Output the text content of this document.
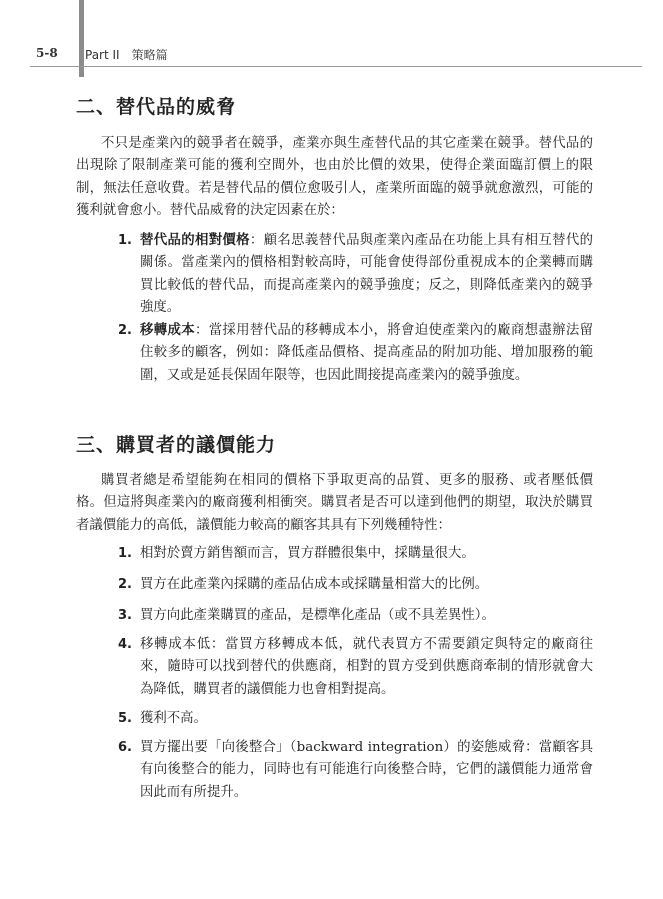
5-8 Part II　策略篇
二、替代品的威脅

不只是產業內的競爭者在競爭，產業亦與生產替代品的其它產業在競爭。替代品的出現除了限制產業可能的獲利空間外，也由於比價的效果，使得企業面臨訂價上的限制，無法任意收費。若是替代品的價位愈吸引人，產業所面臨的競爭就愈激烈，可能的獲利就會愈小。替代品威脅的決定因素在於：

1. 替代品的相對價格：顧名思義替代品與產業內產品在功能上具有相互替代的關係。當產業內的價格相對較高時，可能會使得部份重視成本的企業轉而購買比較低的替代品，而提高產業內的競爭強度；反之，則降低產業內的競爭強度。
2. 移轉成本：當採用替代品的移轉成本小，將會迫使產業內的廠商想盡辦法留住較多的顧客，例如：降低產品價格、提高產品的附加功能、增加服務的範圍，又或是延長保固年限等，也因此間接提高產業內的競爭強度。
三、購買者的議價能力

購買者總是希望能夠在相同的價格下爭取更高的品質、更多的服務、或者壓低價格。但這將與產業內的廠商獲利相衝突。購買者是否可以達到他們的期望，取決於購買者議價能力的高低，議價能力較高的顧客其具有下列幾種特性：

1. 相對於賣方銷售額而言，買方群體很集中，採購量很大。
2. 買方在此產業內採購的產品佔成本或採購量相當大的比例。
3. 買方向此產業購買的產品，是標準化產品（或不具差異性）。
4. 移轉成本低：當買方移轉成本低，就代表買方不需要鎖定與特定的廠商往來，隨時可以找到替代的供應商，相對的買方受到供應商牽制的情形就會大為降低，購買者的議價能力也會相對提高。
5. 獲利不高。
6. 買方擺出要「向後整合」（backward integration）的姿態威脅：當顧客具有向後整合的能力，同時也有可能進行向後整合時，它們的議價能力通常會因此而有所提升。
